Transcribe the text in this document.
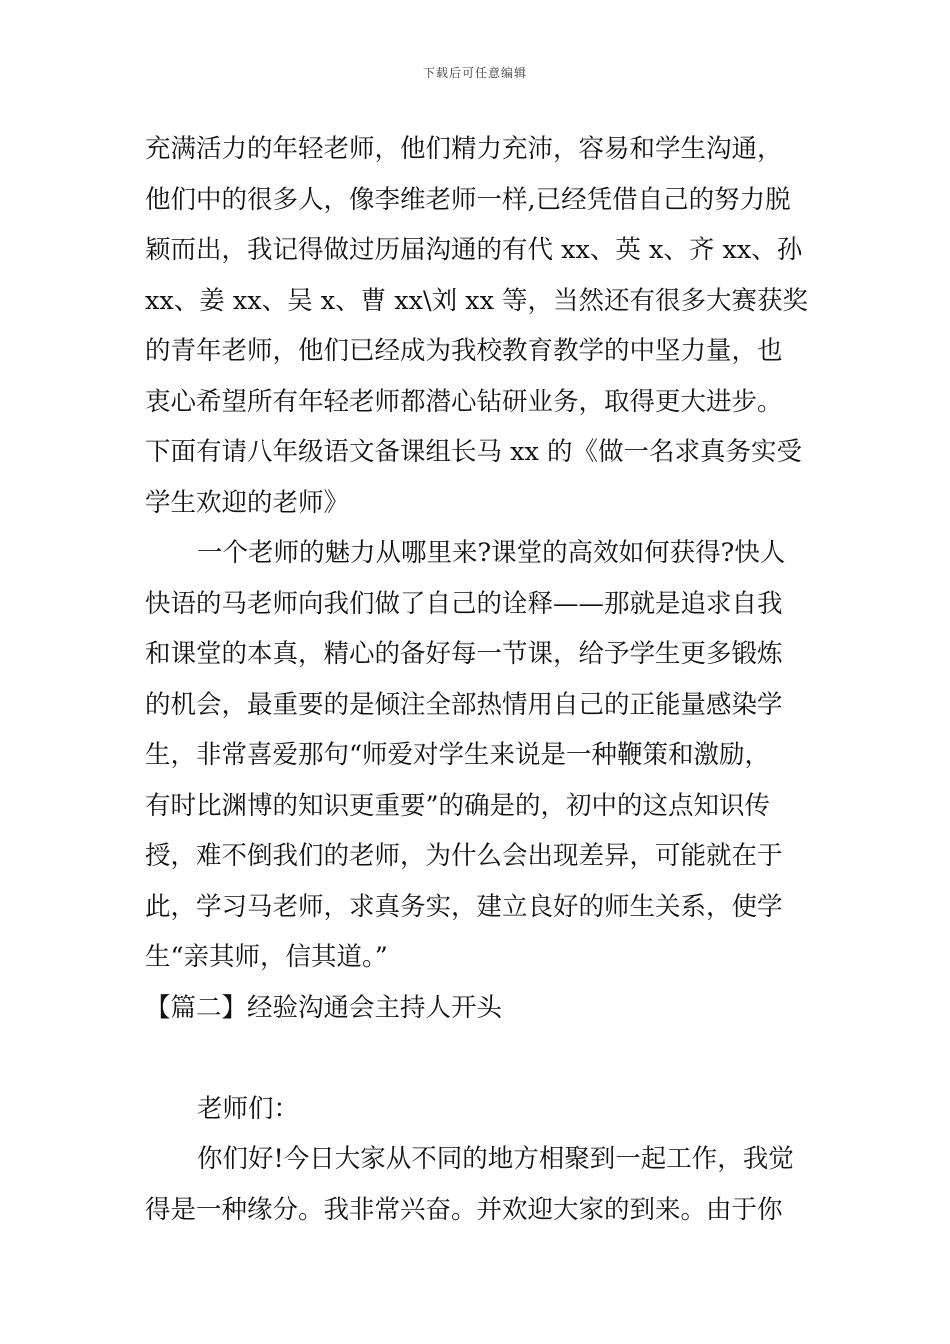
下载后可任意编辑
充满活力的年轻老师，他们精力充沛，容易和学生沟通，
他们中的很多人，像李维老师一样,已经凭借自己的努力脱
颖而出，我记得做过历届沟通的有代 xx、英 x、齐 xx、孙
xx、姜 xx、吴 x、曹 xx\刘 xx 等，当然还有很多大赛获奖
的青年老师，他们已经成为我校教育教学的中坚力量，也
衷心希望所有年轻老师都潜心钻研业务，取得更大进步。
下面有请八年级语文备课组长马 xx 的《做一名求真务实受
学生欢迎的老师》
一个老师的魅力从哪里来?课堂的高效如何获得?快人
快语的马老师向我们做了自己的诠释——那就是追求自我
和课堂的本真，精心的备好每一节课，给予学生更多锻炼
的机会，最重要的是倾注全部热情用自己的正能量感染学
生，非常喜爱那句“师爱对学生来说是一种鞭策和激励，
有时比渊博的知识更重要”的确是的，初中的这点知识传
授，难不倒我们的老师，为什么会出现差异，可能就在于
此，学习马老师，求真务实，建立良好的师生关系，使学
生“亲其师，信其道。”
【篇二】经验沟通会主持人开头
老师们：
你们好!今日大家从不同的地方相聚到一起工作，我觉
得是一种缘分。我非常兴奋。并欢迎大家的到来。由于你
